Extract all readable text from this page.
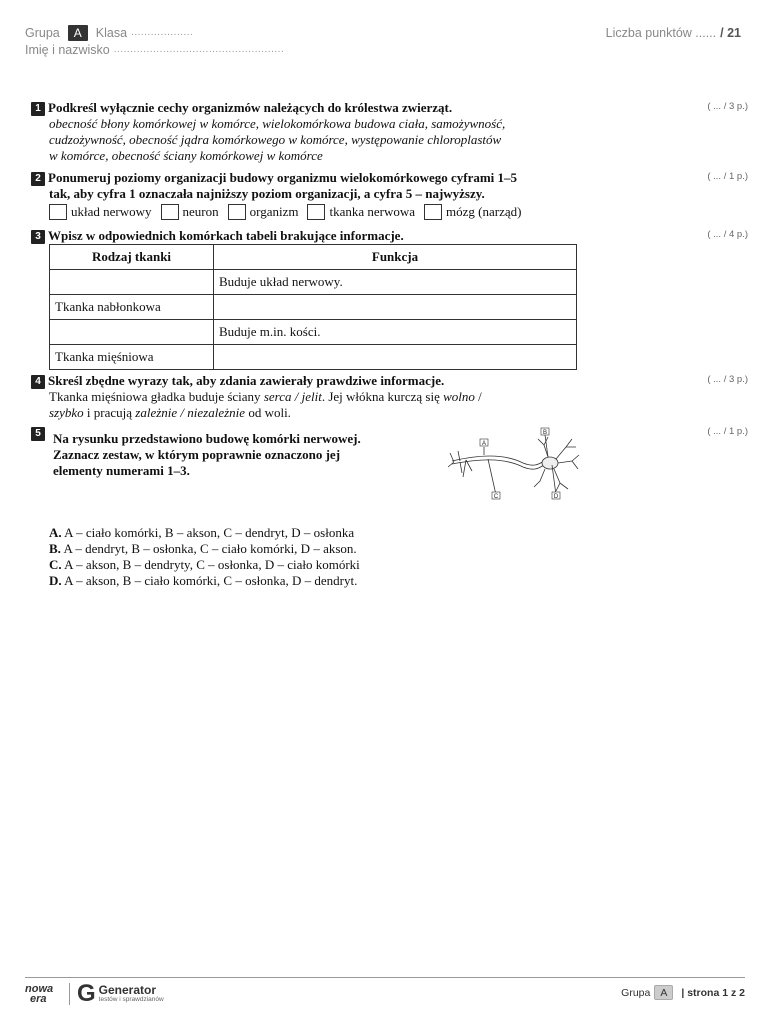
Grupa	A	Klasa ...................
Imię i nazwisko ....................................................
Liczba punktów ...... / 21
1 Podkreśl wyłącznie cechy organizmów należących do królestwa zwierząt.
obecność błony komórkowej w komórce, wielokomórkowa budowa ciała, samożywność,
cudzożywność, obecność jądra komórkowego w komórce, występowanie chloroplastów
w komórce, obecność ściany komórkowej w komórce
( ... / 3 p.)
2 Ponumeruj poziomy organizacji budowy organizmu wielokomórkowego cyframi 1–5
tak, aby cyfra 1 oznaczała najniższy poziom organizacji, a cyfra 5 – najwyższy.
układ nerwowy neuron organizm tkanka nerwowa mózg (narząd)
( ... / 1 p.)
3 Wpisz w odpowiednich komórkach tabeli brakujące informacje.	( ... / 4 p.)
Rodzaj tkanki	Funkcja
	Buduje układ nerwowy.
Tkanka nabłonkowa	
	Buduje m.in. kości.
Tkanka mięśniowa	
4 Skreśl zbędne wyrazy tak, aby zdania zawierały prawdziwe informacje.
Tkanka mięśniowa gładka buduje ściany serca / jelit. Jej włókna kurczą się wolno /
szybko i pracują zależnie / niezależnie od woli.
( ... / 3 p.)
5 Na rysunku przedstawiono budowę komórki nerwowej.
Zaznacz zestaw, w którym poprawnie oznaczono jej
elementy numerami 1–3.
( ... / 1 p.)
A
B
C	D
A. A – ciało komórki, B – akson, C – dendryt, D – osłonka
B. A – dendryt, B – osłonka, C – ciało komórki, D – akson.
C. A – akson, B – dendryty, C – osłonka, D – ciało komórki
D. A – akson, B – ciało komórki, C – osłonka, D – dendryt.
nowa
era G Generator
testów i sprawdzianów
Grupa A	| strona 1 z 2
